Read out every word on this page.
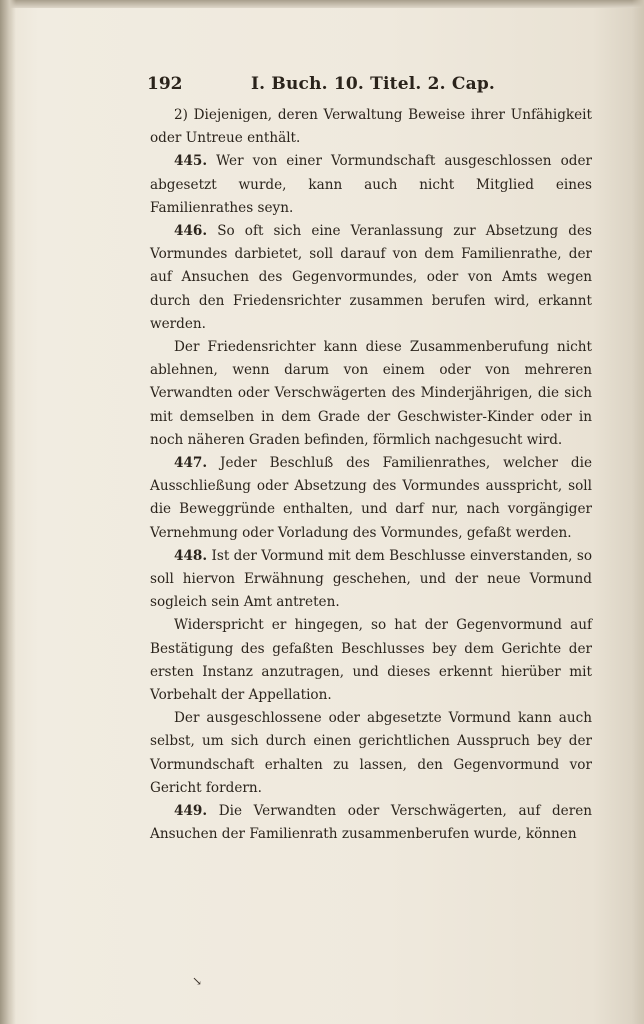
192	I. Buch. 10. Titel. 2. Cap.

2) Diejenigen, deren Verwaltung Beweise ihrer Unfähigkeit oder Untreue enthält.

445. Wer von einer Vormundschaft ausgeschlossen oder abgesetzt wurde, kann auch nicht Mitglied eines Familienrathes seyn.

446. So oft sich eine Veranlassung zur Absetzung des Vormundes darbietet, soll darauf von dem Familienrathe, der auf Ansuchen des Gegenvormundes, oder von Amts wegen durch den Friedensrichter zusammen berufen wird, erkannt werden.

Der Friedensrichter kann diese Zusammenberufung nicht ablehnen, wenn darum von einem oder von mehreren Verwandten oder Verschwägerten des Minderjährigen, die sich mit demselben in dem Grade der Geschwister-Kinder oder in noch näheren Graden befinden, förmlich nachgesucht wird.

447. Jeder Beschluß des Familienrathes, welcher die Ausschließung oder Absetzung des Vormundes ausspricht, soll die Beweggründe enthalten, und darf nur, nach vorgängiger Vernehmung oder Vorladung des Vormundes, gefaßt werden.

448. Ist der Vormund mit dem Beschlusse einverstanden, so soll hiervon Erwähnung geschehen, und der neue Vormund sogleich sein Amt antreten.

Widerspricht er hingegen, so hat der Gegenvormund auf Bestätigung des gefaßten Beschlusses bey dem Gerichte der ersten Instanz anzutragen, und dieses erkennt hierüber mit Vorbehalt der Appellation.

Der ausgeschlossene oder abgesetzte Vormund kann auch selbst, um sich durch einen gerichtlichen Ausspruch bey der Vormundschaft erhalten zu lassen, den Gegenvormund vor Gericht fordern.

449. Die Verwandten oder Verschwägerten, auf deren Ansuchen der Familienrath zusammenberufen wurde, können

↘
